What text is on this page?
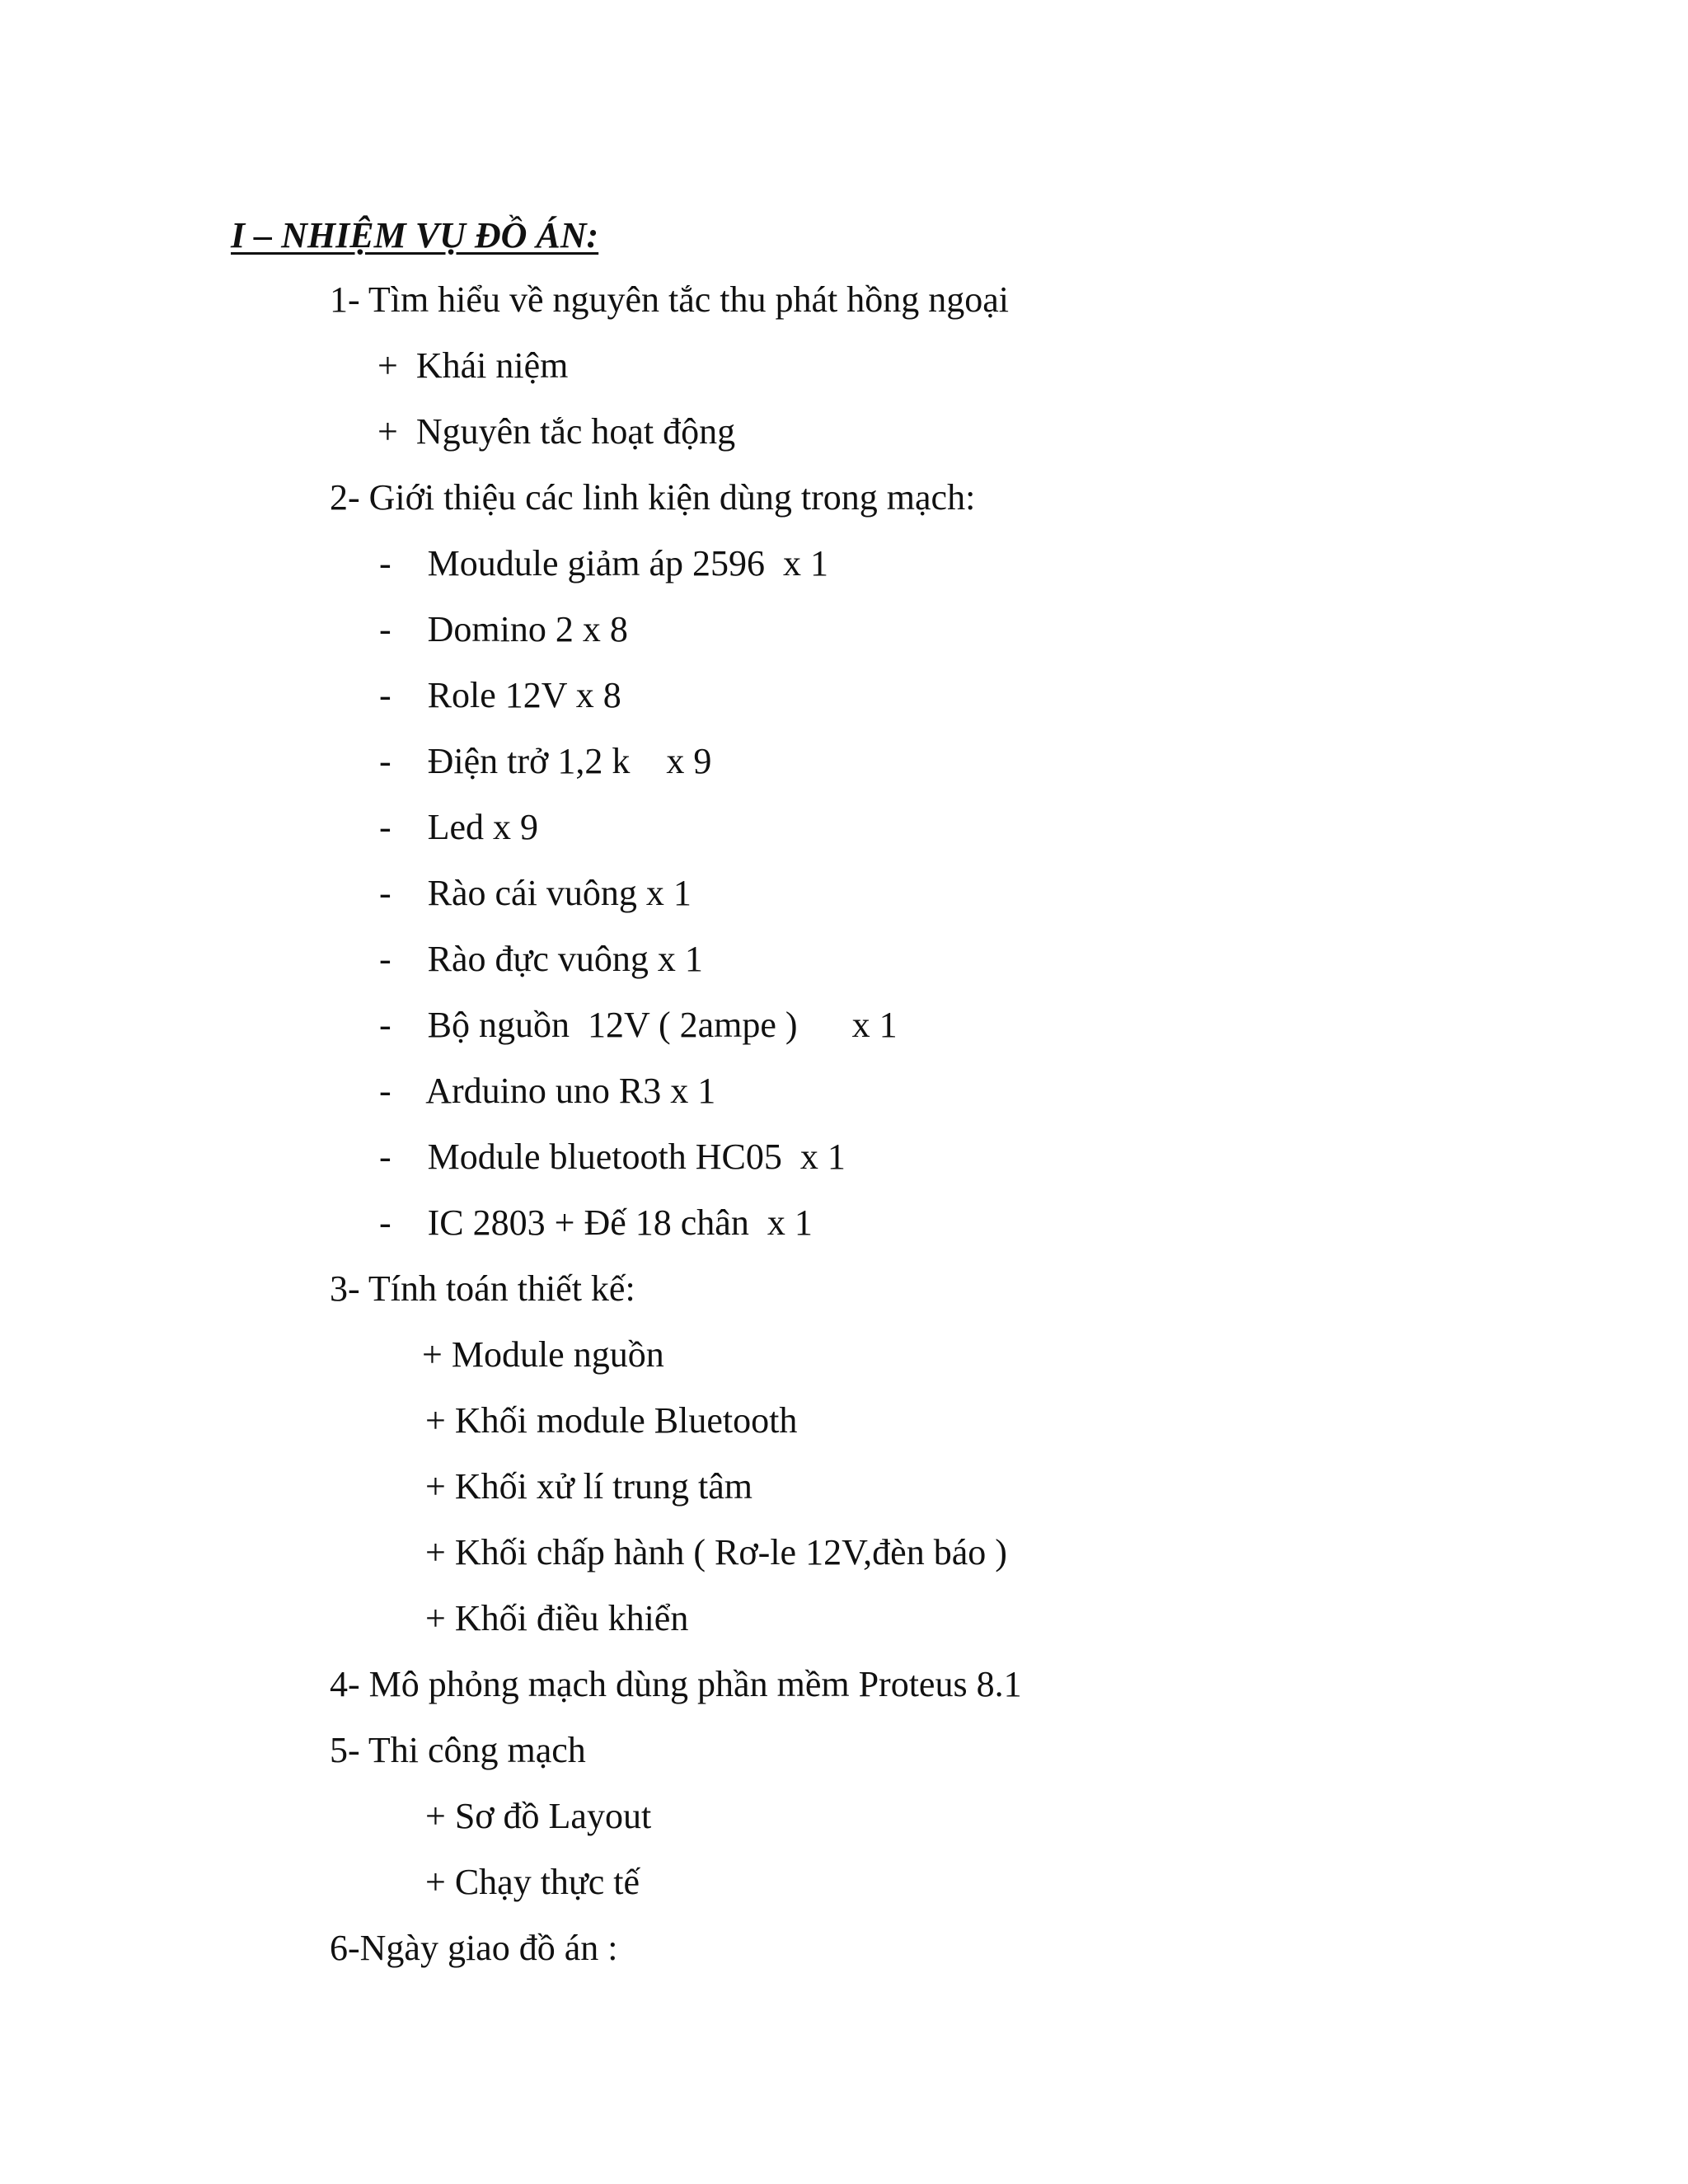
I – NHIỆM VỤ ĐỒ ÁN:
1- Tìm hiểu về nguyên tắc thu phát hồng ngoại
+  Khái niệm
+  Nguyên tắc hoạt động
2- Giới thiệu các linh kiện dùng trong mạch:
-    Moudule giảm áp 2596  x 1
-    Domino 2 x 8
-    Role 12V x 8
-    Điện trở 1,2 k    x 9
-    Led x 9
-    Rào cái vuông x 1
-    Rào đực vuông x 1
-    Bộ nguồn  12V ( 2ampe )      x 1
-    Arduino uno R3 x 1
-    Module bluetooth HC05  x 1
-    IC 2803 + Đế 18 chân  x 1
3- Tính toán thiết kế:
+ Module nguồn
+ Khối module Bluetooth
+ Khối xử lí trung tâm
+ Khối chấp hành ( Rơ-le 12V,đèn báo )
+ Khối điều khiển
4- Mô phỏng mạch dùng phần mềm Proteus 8.1
5- Thi công mạch
+ Sơ đồ Layout
+ Chạy thực tế
6-Ngày giao đồ án :
